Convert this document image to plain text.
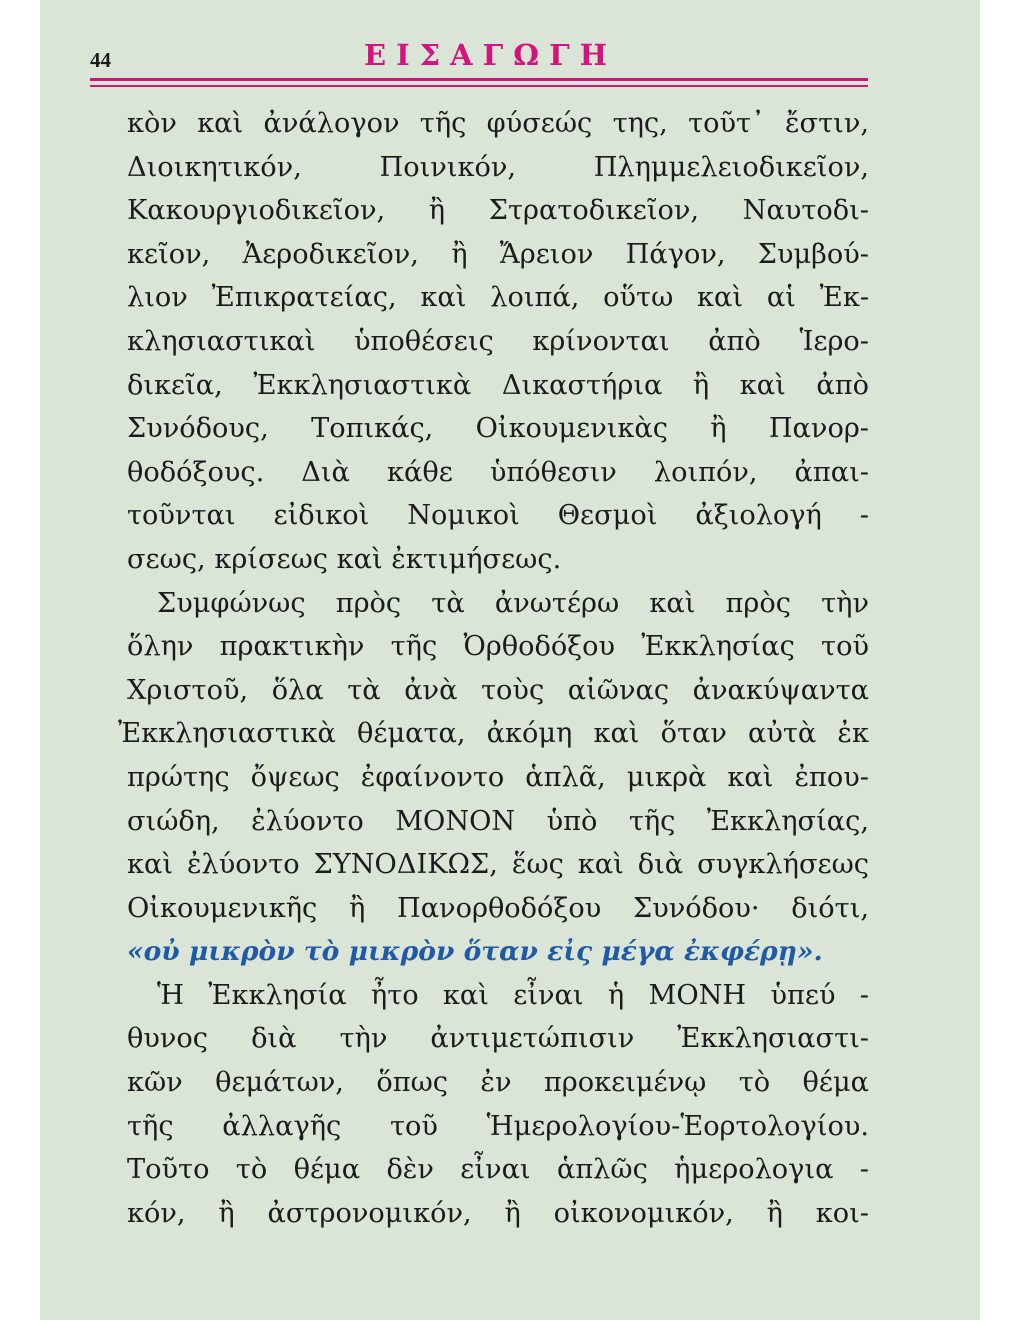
44	ΕΙΣΑΓΩΓΗ
κὸν καὶ ἀνάλογον τῆς φύσεώς της, τοῦτ᾽ ἔστιν,
Διοικητικόν, Ποινικόν, Πλημμελειοδικεῖον,
Κακουργιοδικεῖον, ἢ Στρατοδικεῖον, Ναυτοδι-
κεῖον, Ἀεροδικεῖον, ἢ Ἄρειον Πάγον, Συμβού-
λιον Ἐπικρατείας, καὶ λοιπά, οὕτω καὶ αἱ Ἐκ-
κλησιαστικαὶ ὑποθέσεις κρίνονται ἀπὸ Ἱερο-
δικεῖα, Ἐκκλησιαστικὰ Δικαστήρια ἢ καὶ ἀπὸ
Συνόδους, Τοπικάς, Οἰκουμενικὰς ἢ Πανορ-
θοδόξους. Διὰ κάθε ὑπόθεσιν λοιπόν, ἀπαι-
τοῦνται εἰδικοὶ Νομικοὶ Θεσμοὶ ἀξιολογή -
σεως, κρίσεως καὶ ἐκτιμήσεως.
Συμφώνως πρὸς τὰ ἀνωτέρω καὶ πρὸς τὴν
ὅλην πρακτικὴν τῆς Ὀρθοδόξου Ἐκκλησίας τοῦ
Χριστοῦ, ὅλα τὰ ἀνὰ τοὺς αἰῶνας ἀνακύψαντα
Ἐκκλησιαστικὰ θέματα, ἀκόμη καὶ ὅταν αὐτὰ ἐκ
πρώτης ὄψεως ἐφαίνοντο ἁπλᾶ, μικρὰ καὶ ἐπου-
σιώδη, ἐλύοντο ΜΟΝΟΝ ὑπὸ τῆς Ἐκκλησίας,
καὶ ἐλύοντο ΣΥΝΟΔΙΚΩΣ, ἕως καὶ διὰ συγκλήσεως
Οἰκουμενικῆς ἢ Πανορθοδόξου Συνόδου· διότι,
«οὐ μικρὸν τὸ μικρὸν ὅταν εἰς μέγα ἐκφέρῃ».
Ἡ Ἐκκλησία ἦτο καὶ εἶναι ἡ ΜΟΝΗ ὑπεύ -
θυνος διὰ τὴν ἀντιμετώπισιν Ἐκκλησιαστι-
κῶν θεμάτων, ὅπως ἐν προκειμένῳ τὸ θέμα
τῆς ἀλλαγῆς τοῦ Ἡμερολογίου-Ἑορτολογίου.
Τοῦτο τὸ θέμα δὲν εἶναι ἁπλῶς ἡμερολογια -
κόν, ἢ ἀστρονομικόν, ἢ οἰκονομικόν, ἢ κοι-
